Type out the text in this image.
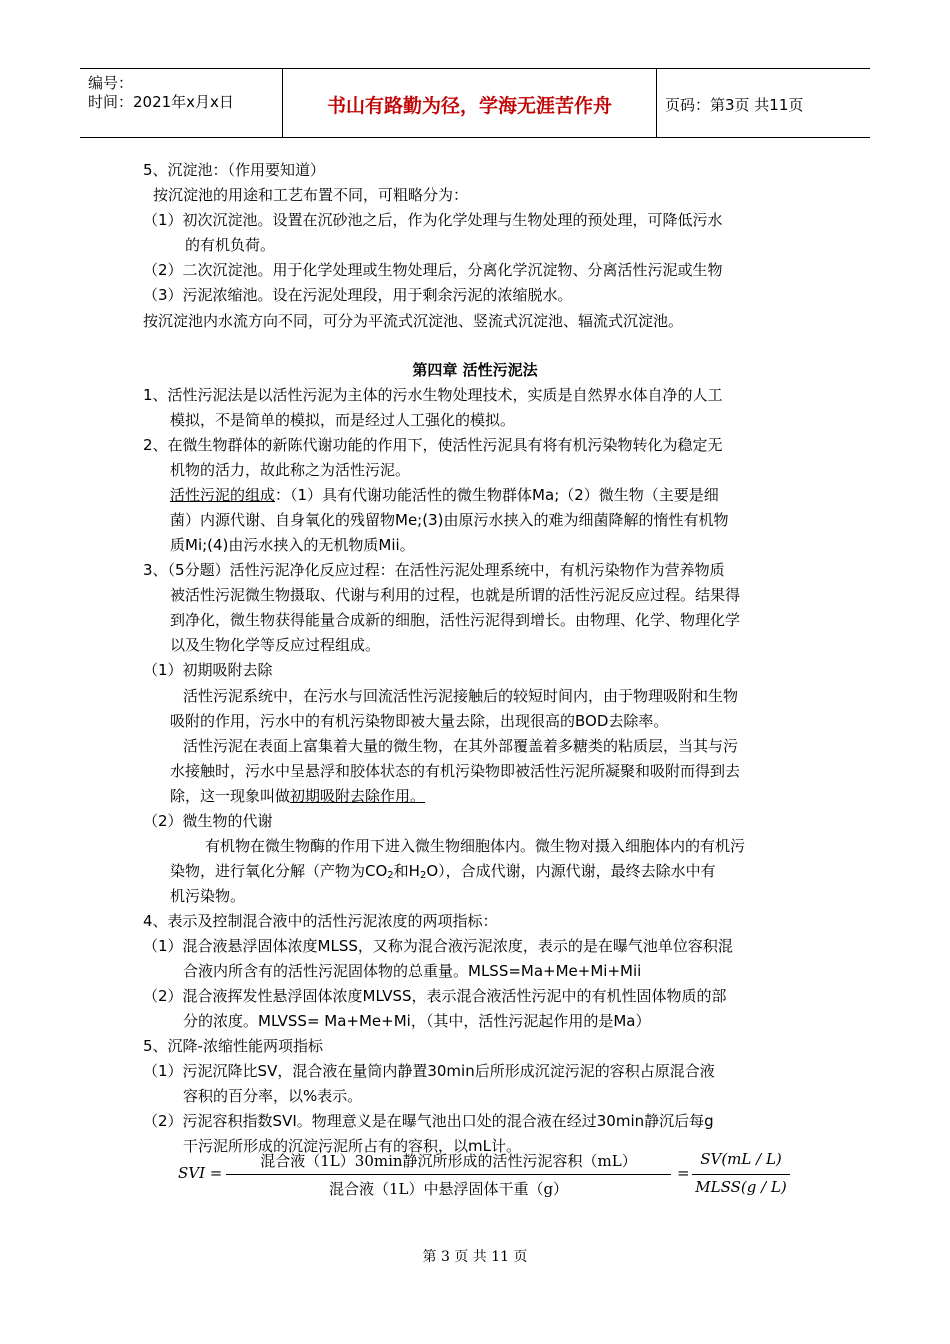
编号：
时间：2021年x月x日	书山有路勤为径，学海无涯苦作舟	页码：第3页 共11页
5、沉淀池：（作用要知道）
按沉淀池的用途和工艺布置不同，可粗略分为：
（1）初次沉淀池。设置在沉砂池之后，作为化学处理与生物处理的预处理，可降低污水
的有机负荷。
（2）二次沉淀池。用于化学处理或生物处理后，分离化学沉淀物、分离活性污泥或生物
（3）污泥浓缩池。设在污泥处理段，用于剩余污泥的浓缩脱水。
按沉淀池内水流方向不同，可分为平流式沉淀池、竖流式沉淀池、辐流式沉淀池。
第四章 活性污泥法
1、活性污泥法是以活性污泥为主体的污水生物处理技术，实质是自然界水体自净的人工
模拟，不是简单的模拟，而是经过人工强化的模拟。
2、在微生物群体的新陈代谢功能的作用下，使活性污泥具有将有机污染物转化为稳定无
机物的活力，故此称之为活性污泥。
活性污泥的组成：（1）具有代谢功能活性的微生物群体Ma;（2）微生物（主要是细
菌）内源代谢、自身氧化的残留物Me;(3)由原污水挟入的难为细菌降解的惰性有机物
质Mi;(4)由污水挟入的无机物质Mii。
3、（5分题）活性污泥净化反应过程：在活性污泥处理系统中，有机污染物作为营养物质
被活性污泥微生物摄取、代谢与利用的过程，也就是所谓的活性污泥反应过程。结果得
到净化，微生物获得能量合成新的细胞，活性污泥得到增长。由物理、化学、物理化学
以及生物化学等反应过程组成。
（1）初期吸附去除
活性污泥系统中，在污水与回流活性污泥接触后的较短时间内，由于物理吸附和生物
吸附的作用，污水中的有机污染物即被大量去除，出现很高的BOD去除率。
活性污泥在表面上富集着大量的微生物，在其外部覆盖着多糖类的粘质层，当其与污
水接触时，污水中呈悬浮和胶体状态的有机污染物即被活性污泥所凝聚和吸附而得到去
除，这一现象叫做初期吸附去除作用。
（2）微生物的代谢
有机物在微生物酶的作用下进入微生物细胞体内。微生物对摄入细胞体内的有机污
染物，进行氧化分解（产物为$CO_2$和$H_2O$），合成代谢，内源代谢，最终去除水中有
机污染物。
4、表示及控制混合液中的活性污泥浓度的两项指标：
（1）混合液悬浮固体浓度MLSS，又称为混合液污泥浓度，表示的是在曝气池单位容积混
合液内所含有的活性污泥固体物的总重量。MLSS=Ma+Me+Mi+Mii
（2）混合液挥发性悬浮固体浓度MLVSS，表示混合液活性污泥中的有机性固体物质的部
分的浓度。MLVSS= Ma+Me+Mi，（其中，活性污泥起作用的是Ma）
5、沉降-浓缩性能两项指标
（1）污泥沉降比SV，混合液在量筒内静置30min后所形成沉淀污泥的容积占原混合液
容积的百分率，以%表示。
（2）污泥容积指数SVI。物理意义是在曝气池出口处的混合液在经过30min静沉后每g
干污泥所形成的沉淀污泥所占有的容积，以mL计。
SVI =
混合液（1L）30min静沉所形成的活性污泥容积（mL）
混合液（1L）中悬浮固体干重（g）
=
SV(mL / L)
MLSS(g / L)
第 3 页 共 11 页
